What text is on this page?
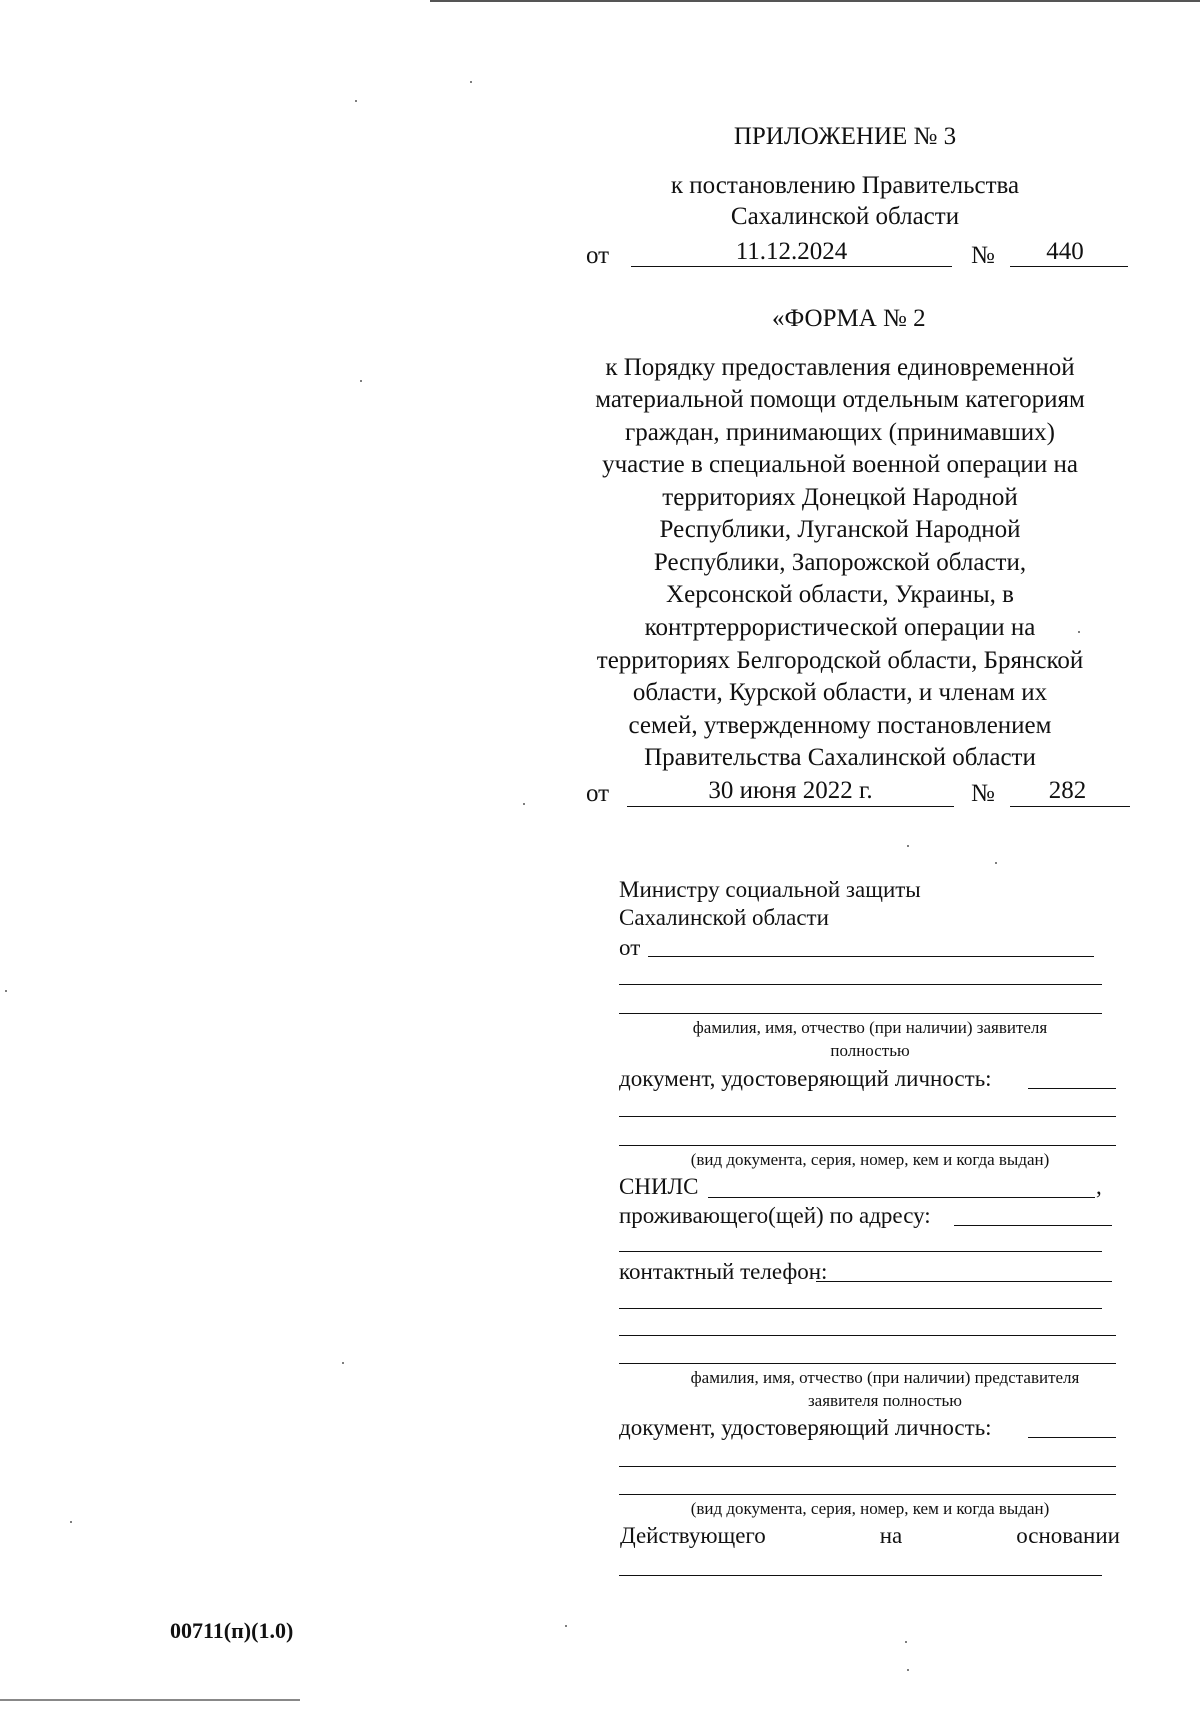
ПРИЛОЖЕНИЕ № 3
к постановлению Правительства
Сахалинской области
от	11.12.2024	№	440
«ФОРМА № 2
к Порядку предоставления единовременной
материальной помощи отдельным категориям
граждан, принимающих (принимавших)
участие в специальной военной операции на
территориях Донецкой Народной
Республики, Луганской Народной
Республики, Запорожской области,
Херсонской области, Украины, в
контртеррористической операции на
территориях Белгородской области, Брянской
области, Курской области, и членам их
семей, утвержденному постановлением
Правительства Сахалинской области
от	30 июня 2022 г.	№	282
Министру социальной защиты
Сахалинской области
от
фамилия, имя, отчество (при наличии) заявителя
полностью
документ, удостоверяющий личность:
(вид документа, серия, номер, кем и когда выдан)
СНИЛС	,
проживающего(щей) по адресу:
контактный телефон:
фамилия, имя, отчество (при наличии) представителя
заявителя полностью
документ, удостоверяющий личность:
(вид документа, серия, номер, кем и когда выдан)
Действующего	на	основании
00711(п)(1.0)
